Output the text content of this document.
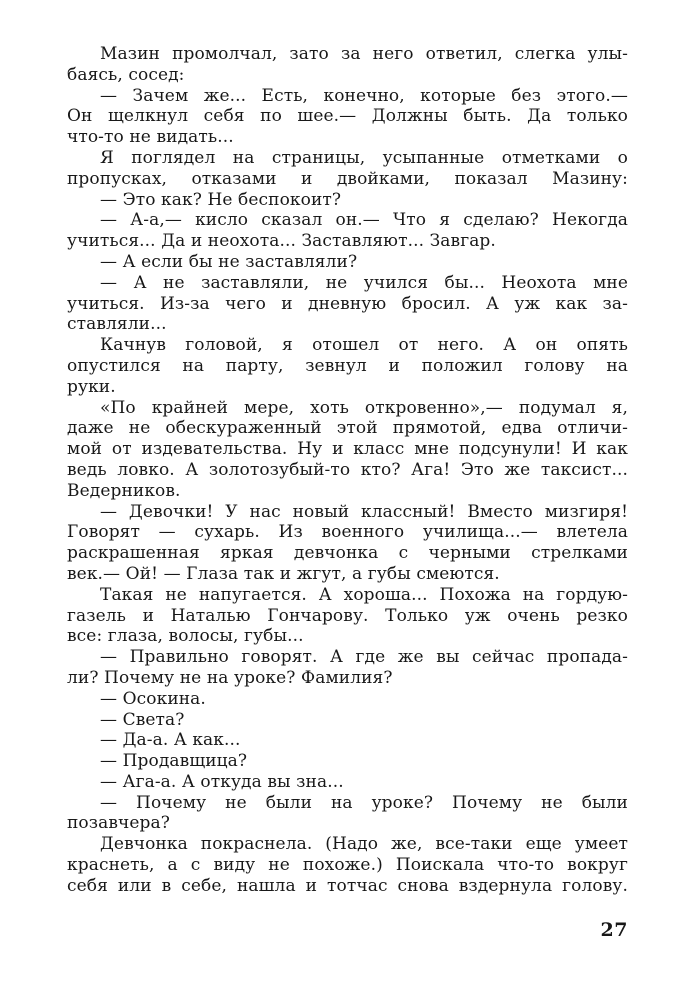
Мазин промолчал, зато за него ответил, слегка улы-
баясь, сосед:
— Зачем же... Есть, конечно, которые без этого.—
Он щелкнул себя по шее.— Должны быть. Да только
что-то не видать...
Я поглядел на страницы, усыпанные отметками о
пропусках, отказами и двойками, показал Мазину:
— Это как? Не беспокоит?
— А-а,— кисло сказал он.— Что я сделаю? Некогда
учиться... Да и неохота... Заставляют... Завгар.
— А если бы не заставляли?
— А не заставляли, не учился бы... Неохота мне
учиться. Из-за чего и дневную бросил. А уж как за-
ставляли...
Качнув головой, я отошел от него. А он опять
опустился на парту, зевнул и положил голову на
руки.
«По крайней мере, хоть откровенно»,— подумал я,
даже не обескураженный этой прямотой, едва отличи-
мой от издевательства. Ну и класс мне подсунули! И как
ведь ловко. А золотозубый-то кто? Ага! Это же таксист...
Ведерников.
— Девочки! У нас новый классный! Вместо мизгиря!
Говорят — сухарь. Из военного училища...— влетела
раскрашенная яркая девчонка с черными стрелками
век.— Ой! — Глаза так и жгут, а губы смеются.
Такая не напугается. А хороша... Похожа на гордую-
газель и Наталью Гончарову. Только уж очень резко
все: глаза, волосы, губы...
— Правильно говорят. А где же вы сейчас пропада-
ли? Почему не на уроке? Фамилия?
— Осокина.
— Света?
— Да-а. А как...
— Продавщица?
— Ага-а. А откуда вы зна...
— Почему не были на уроке? Почему не были
позавчера?
Девчонка покраснела. (Надо же, все-таки еще умеет
краснеть, а с виду не похоже.) Поискала что-то вокруг
себя или в себе, нашла и тотчас снова вздернула голову.
27
